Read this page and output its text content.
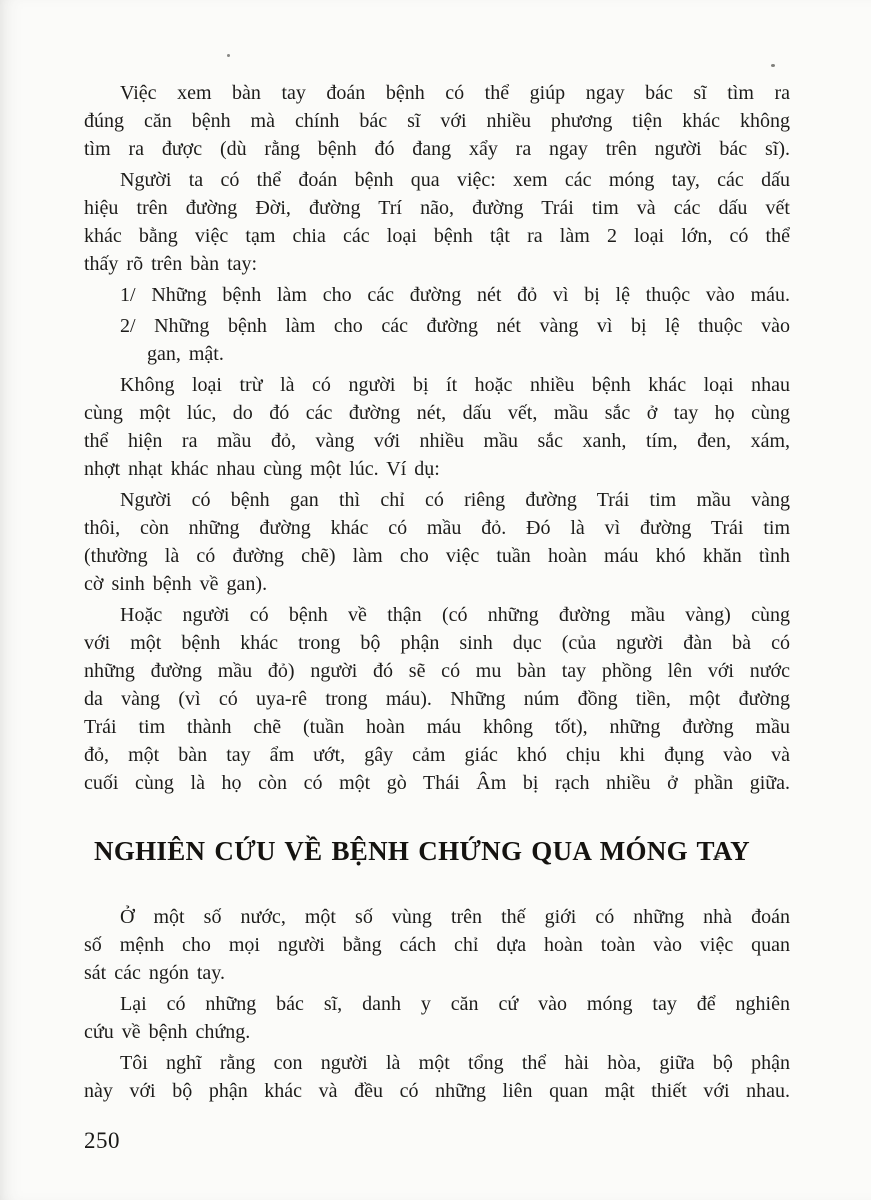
Việc xem bàn tay đoán bệnh có thể giúp ngay bác sĩ tìm ra
đúng căn bệnh mà chính bác sĩ với nhiều phương tiện khác không
tìm ra được (dù rằng bệnh đó đang xẩy ra ngay trên người bác sĩ).
Người ta có thể đoán bệnh qua việc: xem các móng tay, các dấu
hiệu trên đường Đời, đường Trí não, đường Trái tim và các dấu vết
khác bằng việc tạm chia các loại bệnh tật ra làm 2 loại lớn, có thể
thấy rõ trên bàn tay:
1/ Những bệnh làm cho các đường nét đỏ vì bị lệ thuộc vào máu.
2/ Những bệnh làm cho các đường nét vàng vì bị lệ thuộc vào
gan, mật.
Không loại trừ là có người bị ít hoặc nhiều bệnh khác loại nhau
cùng một lúc, do đó các đường nét, dấu vết, mầu sắc ở tay họ cùng
thể hiện ra mầu đỏ, vàng với nhiều mầu sắc xanh, tím, đen, xám,
nhợt nhạt khác nhau cùng một lúc. Ví dụ:
Người có bệnh gan thì chỉ có riêng đường Trái tim mầu vàng
thôi, còn những đường khác có mầu đỏ. Đó là vì đường Trái tim
(thường là có đường chẽ) làm cho việc tuần hoàn máu khó khăn tình
cờ sinh bệnh về gan).
Hoặc người có bệnh về thận (có những đường mầu vàng) cùng
với một bệnh khác trong bộ phận sinh dục (của người đàn bà có
những đường mầu đỏ) người đó sẽ có mu bàn tay phồng lên với nước
da vàng (vì có uya-rê trong máu). Những núm đồng tiền, một đường
Trái tim thành chẽ (tuần hoàn máu không tốt), những đường mầu
đỏ, một bàn tay ẩm ướt, gây cảm giác khó chịu khi đụng vào và
cuối cùng là họ còn có một gò Thái Âm bị rạch nhiều ở phần giữa.
NGHIÊN CỨU VỀ BỆNH CHỨNG QUA MÓNG TAY
Ở một số nước, một số vùng trên thế giới có những nhà đoán
số mệnh cho mọi người bằng cách chỉ dựa hoàn toàn vào việc quan
sát các ngón tay.
Lại có những bác sĩ, danh y căn cứ vào móng tay để nghiên
cứu về bệnh chứng.
Tôi nghĩ rằng con người là một tổng thể hài hòa, giữa bộ phận
này với bộ phận khác và đều có những liên quan mật thiết với nhau.
250
